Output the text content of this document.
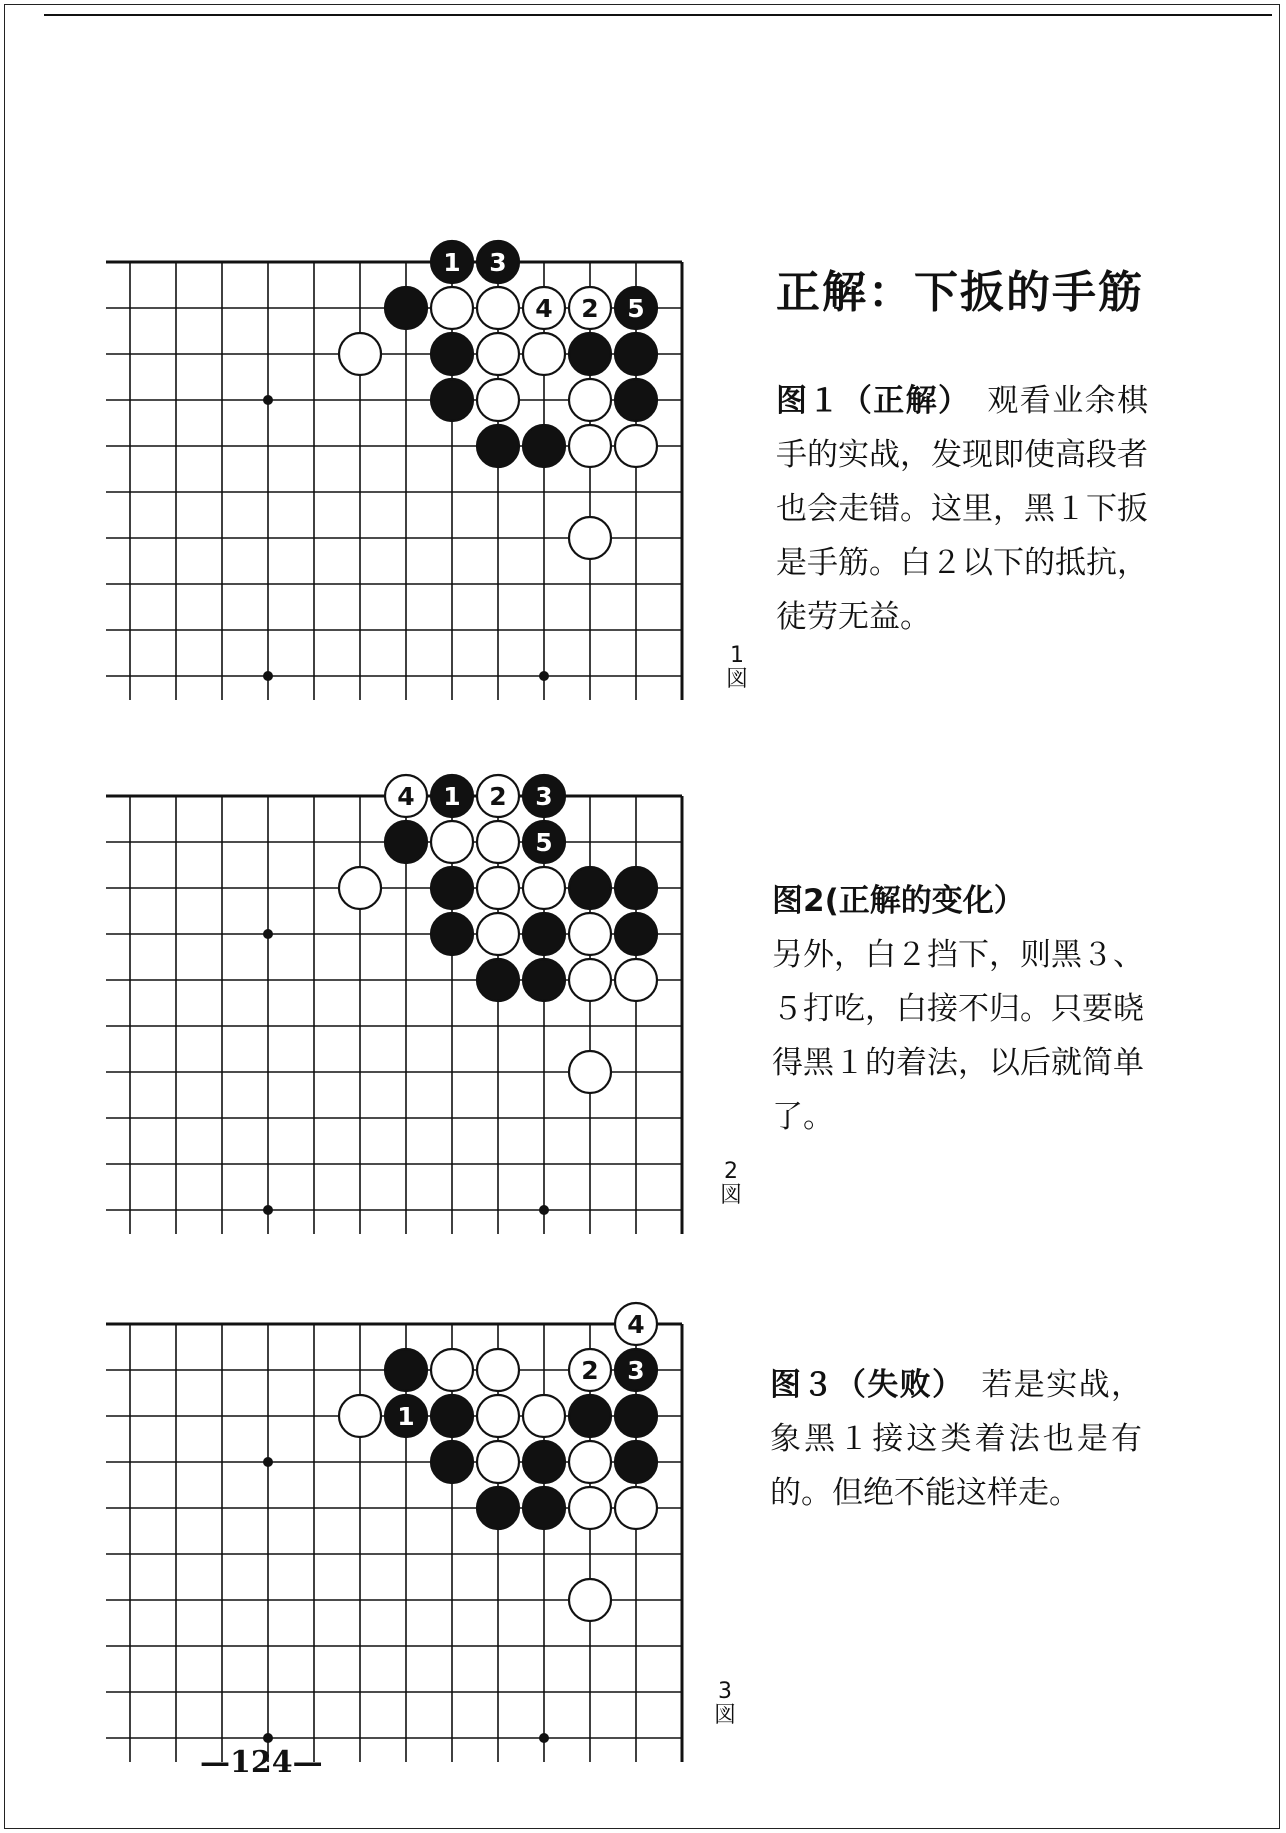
1 3
4 2 5
1
図
4 1 2 3
5
2
図
4
2 3
1
3
図
正解：下扳的手筋
图１（正解）　观看业余棋手的实战，发现即使高段者也会走错。这里，黑１下扳是手筋。白２以下的抵抗，徒劳无益。
图2(正解的变化）
另外，白２挡下，则黑３、５打吃，白接不归。只要晓得黑１的着法，以后就简单了。
图３（失败）　若是实战，象黑１接这类着法也是有的。但绝不能这样走。
—124—
